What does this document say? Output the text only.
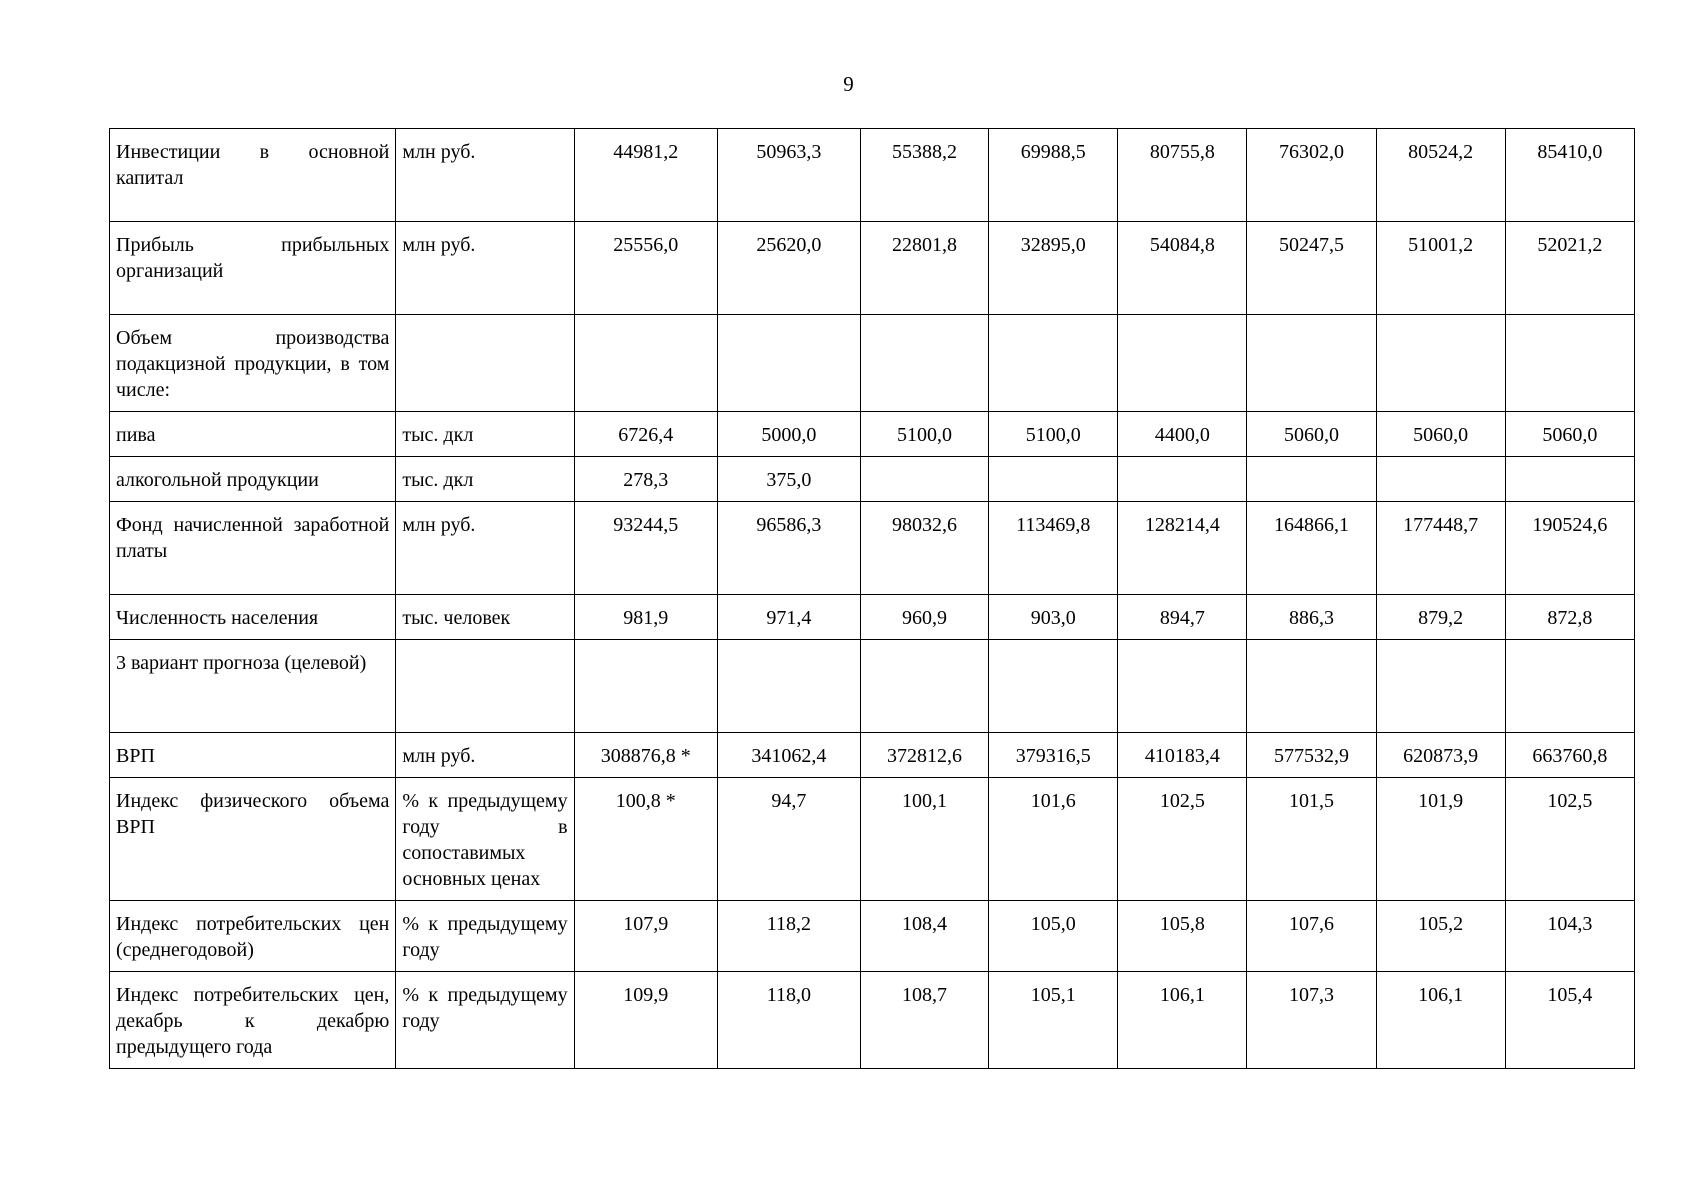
9
Инвестиции в основной капитал	млн руб.	44981,2	50963,3	55388,2	69988,5	80755,8	76302,0	80524,2	85410,0
Прибыль прибыльных организаций	млн руб.	25556,0	25620,0	22801,8	32895,0	54084,8	50247,5	51001,2	52021,2
Объем производства подакцизной продукции, в том числе:									
пива	тыс. дкл	6726,4	5000,0	5100,0	5100,0	4400,0	5060,0	5060,0	5060,0
алкогольной продукции	тыс. дкл	278,3	375,0						
Фонд начисленной заработной платы	млн руб.	93244,5	96586,3	98032,6	113469,8	128214,4	164866,1	177448,7	190524,6
Численность населения	тыс. человек	981,9	971,4	960,9	903,0	894,7	886,3	879,2	872,8
3 вариант прогноза (целевой)									
ВРП	млн руб.	308876,8 *	341062,4	372812,6	379316,5	410183,4	577532,9	620873,9	663760,8
Индекс физического объема ВРП	% к предыдущему году в сопоставимых основных ценах	100,8 *	94,7	100,1	101,6	102,5	101,5	101,9	102,5
Индекс потребительских цен (среднегодовой)	% к предыдущему году	107,9	118,2	108,4	105,0	105,8	107,6	105,2	104,3
Индекс потребительских цен, декабрь к декабрю предыдущего года	% к предыдущему году	109,9	118,0	108,7	105,1	106,1	107,3	106,1	105,4
